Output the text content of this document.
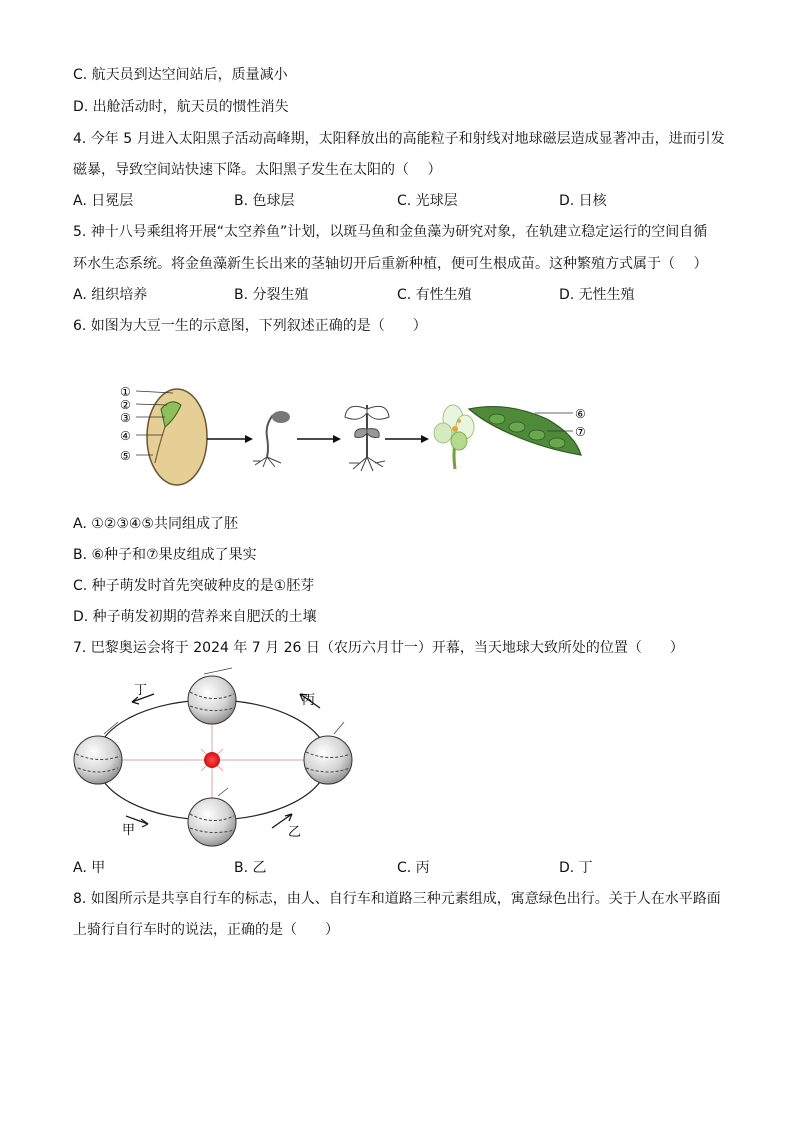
C. 航天员到达空间站后，质量减小
D. 出舱活动时，航天员的惯性消失
4. 今年 5 月进入太阳黑子活动高峰期，太阳释放出的高能粒子和射线对地球磁层造成显著冲击，进而引发
磁暴，导致空间站快速下降。太阳黑子发生在太阳的（　 ）
A. 日冕层	B. 色球层	C. 光球层	D. 日核
5. 神十八号乘组将开展“太空养鱼”计划，以斑马鱼和金鱼藻为研究对象，在轨建立稳定运行的空间自循
环水生态系统。将金鱼藻新生长出来的茎轴切开后重新种植，便可生根成苗。这种繁殖方式属于（　 ）
A. 组织培养	B. 分裂生殖	C. 有性生殖	D. 无性生殖
6. 如图为大豆一生的示意图，下列叙述正确的是（　　）
①
②
③
④
⑤
⑥
⑦
A. ①②③④⑤共同组成了胚
B. ⑥种子和⑦果皮组成了果实
C. 种子萌发时首先突破种皮的是①胚芽
D. 种子萌发初期的营养来自肥沃的土壤
7. 巴黎奥运会将于 2024 年 7 月 26 日（农历六月廿一）开幕，当天地球大致所处的位置（　　）
丁
丙
甲	乙
A. 甲	B. 乙	C. 丙	D. 丁
8. 如图所示是共享自行车的标志，由人、自行车和道路三种元素组成，寓意绿色出行。关于人在水平路面
上骑行自行车时的说法，正确的是（　　）
